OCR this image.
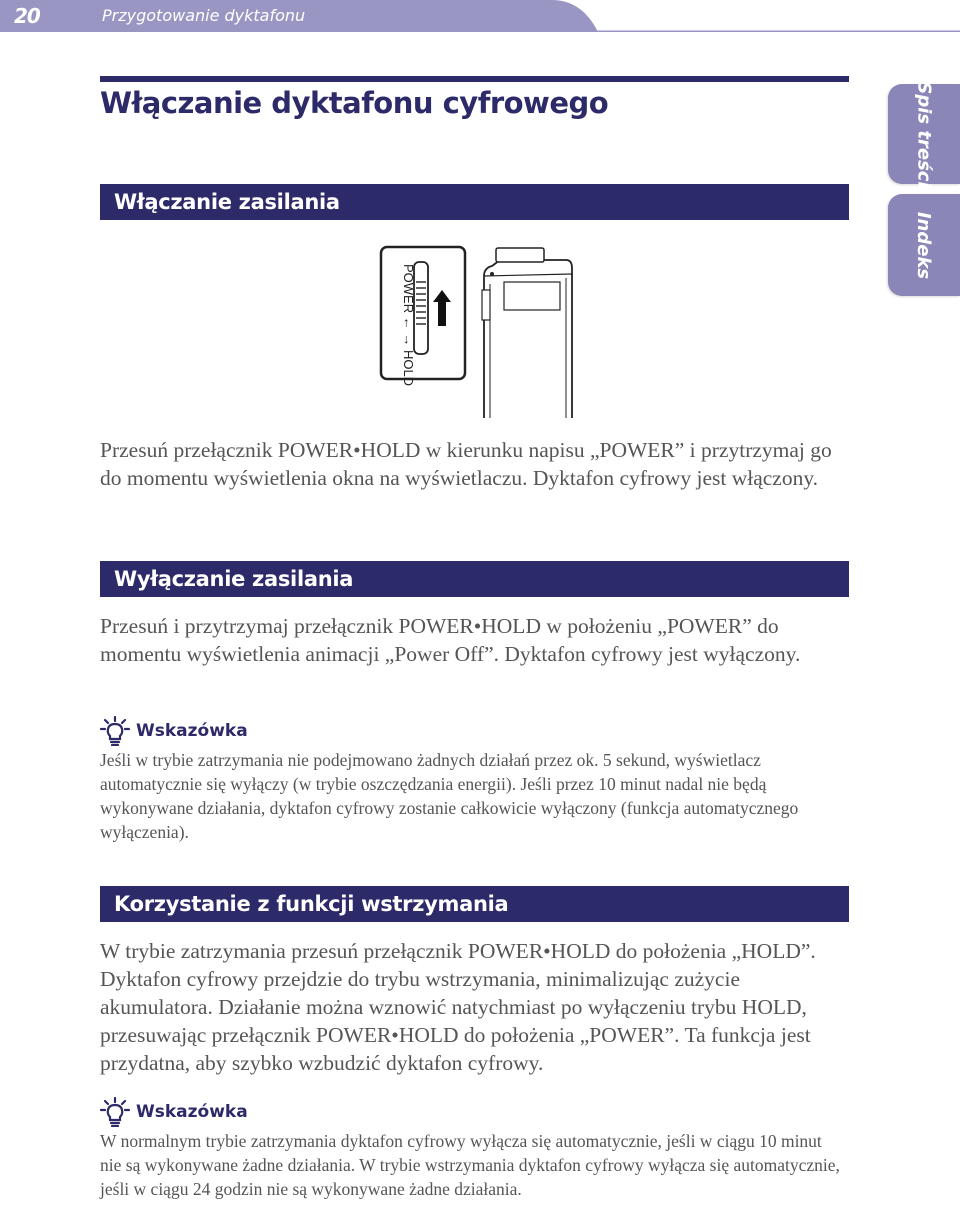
20	Przygotowanie dyktafonu
Spis treści
Indeks
Włączanie dyktafonu cyfrowego
Włączanie zasilania
POWER ← → HOLD

Przesuń przełącznik POWER•HOLD w kierunku napisu „POWER” i przytrzymaj go do momentu wyświetlenia okna na wyświetlaczu. Dyktafon cyfrowy jest włączony.

Wyłączanie zasilania

Przesuń i przytrzymaj przełącznik POWER•HOLD w położeniu „POWER” do momentu wyświetlenia animacji „Power Off”. Dyktafon cyfrowy jest wyłączony.

Wskazówka

Jeśli w trybie zatrzymania nie podejmowano żadnych działań przez ok. 5 sekund, wyświetlacz automatycznie się wyłączy (w trybie oszczędzania energii). Jeśli przez 10 minut nadal nie będą wykonywane działania, dyktafon cyfrowy zostanie całkowicie wyłączony (funkcja automatycznego wyłączenia).

Korzystanie z funkcji wstrzymania

W trybie zatrzymania przesuń przełącznik POWER•HOLD do położenia „HOLD”. Dyktafon cyfrowy przejdzie do trybu wstrzymania, minimalizując zużycie akumulatora. Działanie można wznowić natychmiast po wyłączeniu trybu HOLD, przesuwając przełącznik POWER•HOLD do położenia „POWER”. Ta funkcja jest przydatna, aby szybko wzbudzić dyktafon cyfrowy.

Wskazówka

W normalnym trybie zatrzymania dyktafon cyfrowy wyłącza się automatycznie, jeśli w ciągu 10 minut nie są wykonywane żadne działania. W trybie wstrzymania dyktafon cyfrowy wyłącza się automatycznie, jeśli w ciągu 24 godzin nie są wykonywane żadne działania.
